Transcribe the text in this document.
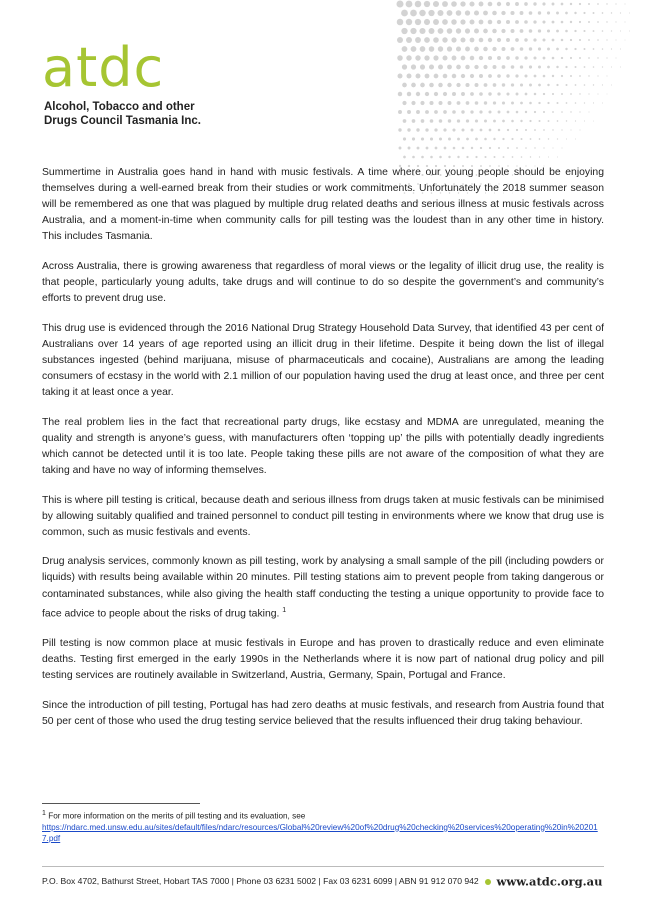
atdc
Alcohol, Tobacco and other
Drugs Council Tasmania Inc.

Summertime in Australia goes hand in hand with music festivals. A time where our young people should be enjoying themselves during a well-earned break from their studies or work commitments. Unfortunately the 2018 summer season will be remembered as one that was plagued by multiple drug related deaths and serious illness at music festivals across Australia, and a moment-in-time when community calls for pill testing was the loudest than in any other time in history. This includes Tasmania.

Across Australia, there is growing awareness that regardless of moral views or the legality of illicit drug use, the reality is that people, particularly young adults, take drugs and will continue to do so despite the government’s and community’s efforts to prevent drug use.

This drug use is evidenced through the 2016 National Drug Strategy Household Data Survey, that identified 43 per cent of Australians over 14 years of age reported using an illicit drug in their lifetime. Despite it being down the list of illegal substances ingested (behind marijuana, misuse of pharmaceuticals and cocaine), Australians are among the leading consumers of ecstasy in the world with 2.1 million of our population having used the drug at least once, and three per cent taking it at least once a year.

The real problem lies in the fact that recreational party drugs, like ecstasy and MDMA are unregulated, meaning the quality and strength is anyone’s guess, with manufacturers often ‘topping up’ the pills with potentially deadly ingredients which cannot be detected until it is too late. People taking these pills are not aware of the composition of what they are taking and have no way of informing themselves.

This is where pill testing is critical, because death and serious illness from drugs taken at music festivals can be minimised by allowing suitably qualified and trained personnel to conduct pill testing in environments where we know that drug use is common, such as music festivals and events.

Drug analysis services, commonly known as pill testing, work by analysing a small sample of the pill (including powders or liquids) with results being available within 20 minutes. Pill testing stations aim to prevent people from taking dangerous or contaminated substances, while also giving the health staff conducting the testing a unique opportunity to provide face to face advice to people about the risks of drug taking. $^1$

Pill testing is now common place at music festivals in Europe and has proven to drastically reduce and even eliminate deaths. Testing first emerged in the early 1990s in the Netherlands where it is now part of national drug policy and pill testing services are routinely available in Switzerland, Austria, Germany, Spain, Portugal and France.

Since the introduction of pill testing, Portugal has had zero deaths at music festivals, and research from Austria found that 50 per cent of those who used the drug testing service believed that the results influenced their drug taking behaviour.

$^1$ For more information on the merits of pill testing and its evaluation, see
https://ndarc.med.unsw.edu.au/sites/default/files/ndarc/resources/Global%20review%20of%20drug%20checking%20services%20operating%20in%202017.pdf
P.O. Box 4702, Bathurst Street, Hobart TAS 7000 | Phone 03 6231 5002 | Fax 03 6231 6099 | ABN 91 912 070 942 www.atdc.org.au
